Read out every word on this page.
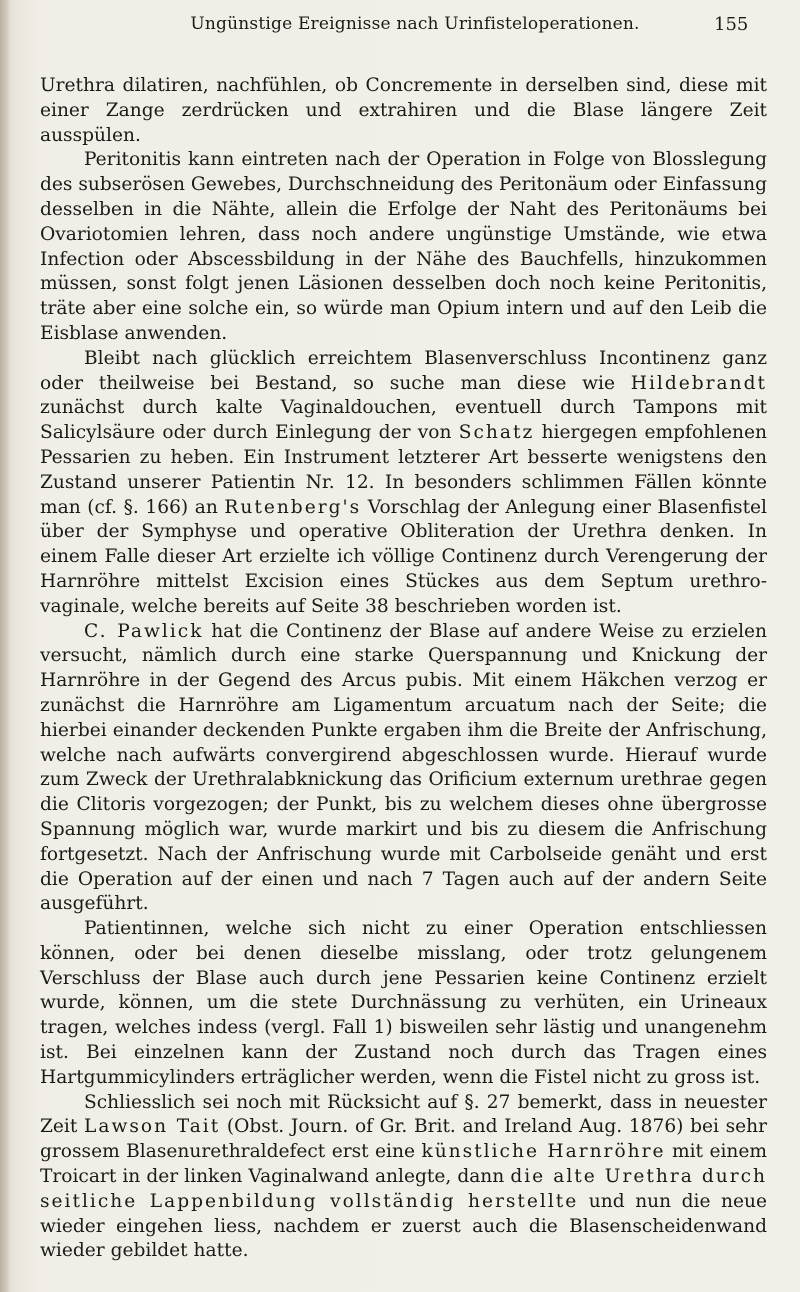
Ungünstige Ereignisse nach Urinfisteloperationen.	155

Urethra dilatiren, nachfühlen, ob Concremente in derselben sind, diese mit einer Zange zerdrücken und extrahiren und die Blase längere Zeit ausspülen.

Peritonitis kann eintreten nach der Operation in Folge von Blosslegung des subserösen Gewebes, Durchschneidung des Peritonäum oder Einfassung desselben in die Nähte, allein die Erfolge der Naht des Peritonäums bei Ovariotomien lehren, dass noch andere ungünstige Umstände, wie etwa Infection oder Abscessbildung in der Nähe des Bauchfells, hinzukommen müssen, sonst folgt jenen Läsionen desselben doch noch keine Peritonitis, träte aber eine solche ein, so würde man Opium intern und auf den Leib die Eisblase anwenden.

Bleibt nach glücklich erreichtem Blasenverschluss Incontinenz ganz oder theilweise bei Bestand, so suche man diese wie Hildebrandt zunächst durch kalte Vaginaldouchen, eventuell durch Tampons mit Salicylsäure oder durch Einlegung der von Schatz hiergegen empfohlenen Pessarien zu heben. Ein Instrument letzterer Art besserte wenigstens den Zustand unserer Patientin Nr. 12. In besonders schlimmen Fällen könnte man (cf. §. 166) an Rutenberg's Vorschlag der Anlegung einer Blasenfistel über der Symphyse und operative Obliteration der Urethra denken. In einem Falle dieser Art erzielte ich völlige Continenz durch Verengerung der Harnröhre mittelst Excision eines Stückes aus dem Septum urethro-vaginale, welche bereits auf Seite 38 beschrieben worden ist.

C. Pawlick hat die Continenz der Blase auf andere Weise zu erzielen versucht, nämlich durch eine starke Querspannung und Knickung der Harnröhre in der Gegend des Arcus pubis. Mit einem Häkchen verzog er zunächst die Harnröhre am Ligamentum arcuatum nach der Seite; die hierbei einander deckenden Punkte ergaben ihm die Breite der Anfrischung, welche nach aufwärts convergirend abgeschlossen wurde. Hierauf wurde zum Zweck der Urethralabknickung das Orificium externum urethrae gegen die Clitoris vorgezogen; der Punkt, bis zu welchem dieses ohne übergrosse Spannung möglich war, wurde markirt und bis zu diesem die Anfrischung fortgesetzt. Nach der Anfrischung wurde mit Carbolseide genäht und erst die Operation auf der einen und nach 7 Tagen auch auf der andern Seite ausgeführt.

Patientinnen, welche sich nicht zu einer Operation entschliessen können, oder bei denen dieselbe misslang, oder trotz gelungenem Verschluss der Blase auch durch jene Pessarien keine Continenz erzielt wurde, können, um die stete Durchnässung zu verhüten, ein Urineaux tragen, welches indess (vergl. Fall 1) bisweilen sehr lästig und unangenehm ist. Bei einzelnen kann der Zustand noch durch das Tragen eines Hartgummicylinders erträglicher werden, wenn die Fistel nicht zu gross ist.

Schliesslich sei noch mit Rücksicht auf §. 27 bemerkt, dass in neuester Zeit Lawson Tait (Obst. Journ. of Gr. Brit. and Ireland Aug. 1876) bei sehr grossem Blasenurethraldefect erst eine künstliche Harnröhre mit einem Troicart in der linken Vaginalwand anlegte, dann die alte Urethra durch seitliche Lappenbildung vollständig herstellte und nun die neue wieder eingehen liess, nachdem er zuerst auch die Blasenscheidenwand wieder gebildet hatte.
